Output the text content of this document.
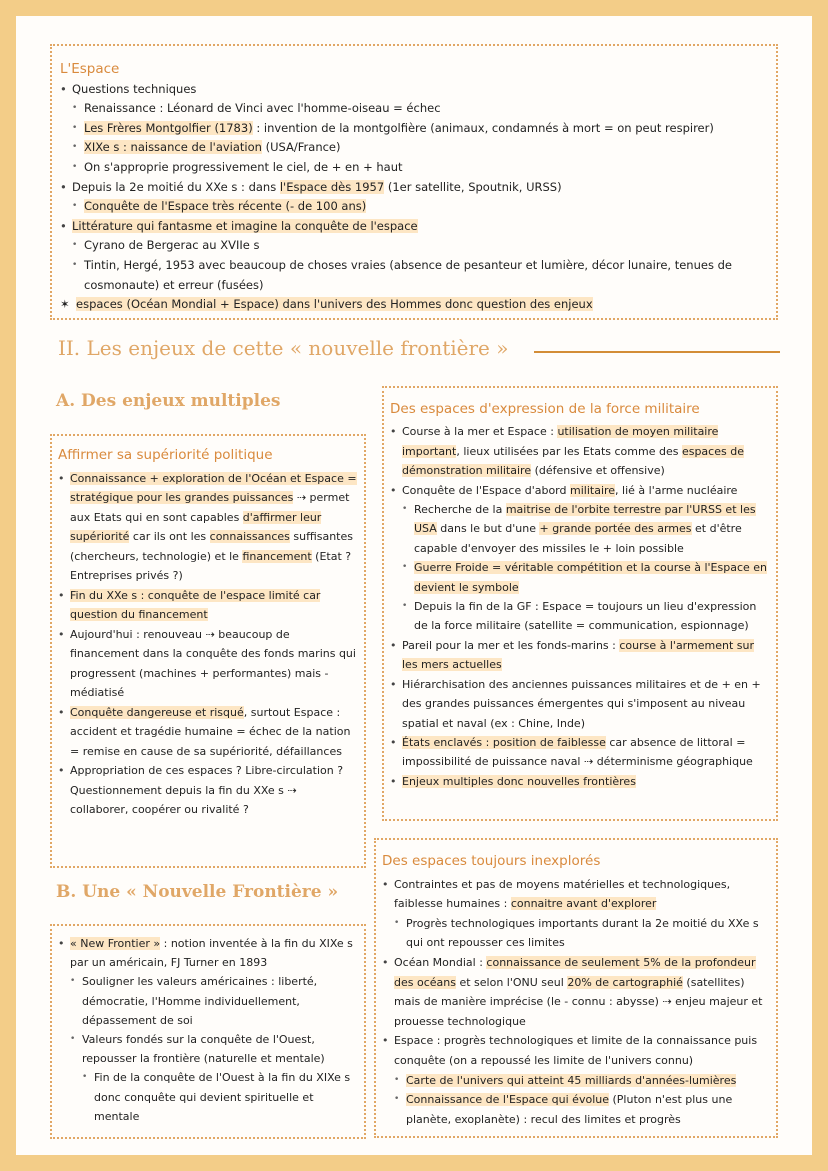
L'Espace
• Questions techniques
• Renaissance : Léonard de Vinci avec l'homme-oiseau = échec
• Les Frères Montgolfier (1783) : invention de la montgolfière (animaux, condamnés à mort = on peut respirer)
• XIXe s : naissance de l'aviation (USA/France)
• On s'approprie progressivement le ciel, de + en + haut
• Depuis la 2e moitié du XXe s : dans l'Espace dès 1957 (1er satellite, Spoutnik, URSS)
• Conquête de l'Espace très récente (- de 100 ans)
• Littérature qui fantasme et imagine la conquête de l'espace
• Cyrano de Bergerac au XVIIe s
• Tintin, Hergé, 1953 avec beaucoup de choses vraies (absence de pesanteur et lumière, décor lunaire, tenues de cosmonaute) et erreur (fusées)
✶ espaces (Océan Mondial + Espace) dans l'univers des Hommes donc question des enjeux
II. Les enjeux de cette « nouvelle frontière »
A. Des enjeux multiples
Affirmer sa supériorité politique
• Connaissance + exploration de l'Océan et Espace = stratégique pour les grandes puissances ⇢ permet aux Etats qui en sont capables d'affirmer leur supériorité car ils ont les connaissances suffisantes (chercheurs, technologie) et le financement (Etat ? Entreprises privés ?)
• Fin du XXe s : conquête de l'espace limité car question du financement
• Aujourd'hui : renouveau ⇢ beaucoup de financement dans la conquête des fonds marins qui progressent (machines + performantes) mais - médiatisé
• Conquête dangereuse et risqué, surtout Espace : accident et tragédie humaine = échec de la nation = remise en cause de sa supériorité, défaillances
• Appropriation de ces espaces ? Libre-circulation ? Questionnement depuis la fin du XXe s ⇢ collaborer, coopérer ou rivalité ?
Des espaces d'expression de la force militaire
• Course à la mer et Espace : utilisation de moyen militaire important, lieux utilisées par les Etats comme des espaces de démonstration militaire (défensive et offensive)
• Conquête de l'Espace d'abord militaire, lié à l'arme nucléaire
• Recherche de la maitrise de l'orbite terrestre par l'URSS et les USA dans le but d'une + grande portée des armes et d'être capable d'envoyer des missiles le + loin possible
• Guerre Froide = véritable compétition et la course à l'Espace en devient le symbole
• Depuis la fin de la GF : Espace = toujours un lieu d'expression de la force militaire (satellite = communication, espionnage)
• Pareil pour la mer et les fonds-marins : course à l'armement sur les mers actuelles
• Hiérarchisation des anciennes puissances militaires et de + en + des grandes puissances émergentes qui s'imposent au niveau spatial et naval (ex : Chine, Inde)
• États enclavés : position de faiblesse car absence de littoral = impossibilité de puissance naval ⇢ déterminisme géographique
• Enjeux multiples donc nouvelles frontières
B. Une « Nouvelle Frontière »
• « New Frontier » : notion inventée à la fin du XIXe s par un américain, FJ Turner en 1893
• Souligner les valeurs américaines : liberté, démocratie, l'Homme individuellement, dépassement de soi
• Valeurs fondés sur la conquête de l'Ouest, repousser la frontière (naturelle et mentale)
• Fin de la conquête de l'Ouest à la fin du XIXe s donc conquête qui devient spirituelle et mentale
Des espaces toujours inexplorés
• Contraintes et pas de moyens matérielles et technologiques, faiblesse humaines : connaitre avant d'explorer
• Progrès technologiques importants durant la 2e moitié du XXe s qui ont repousser ces limites
• Océan Mondial : connaissance de seulement 5% de la profondeur des océans et selon l'ONU seul 20% de cartographié (satellites) mais de manière imprécise (le - connu : abysse) ⇢ enjeu majeur et prouesse technologique
• Espace : progrès technologiques et limite de la connaissance puis conquête (on a repoussé les limite de l'univers connu)
• Carte de l'univers qui atteint 45 milliards d'années-lumières
• Connaissance de l'Espace qui évolue (Pluton n'est plus une planète, exoplanète) : recul des limites et progrès
